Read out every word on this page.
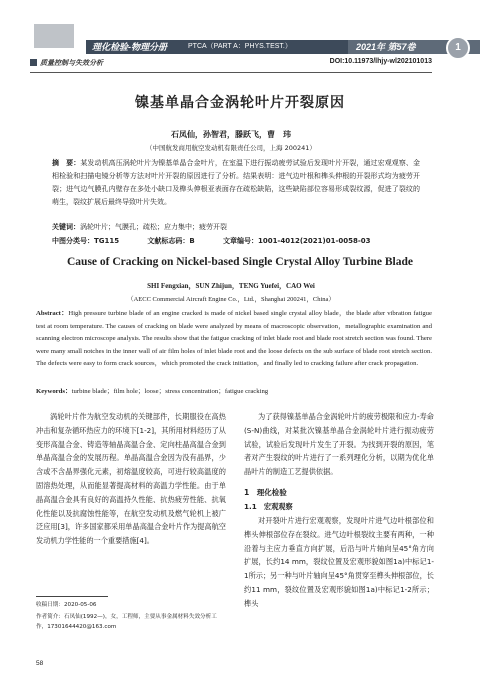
理化检验-物理分册	PTCA（PART A：PHYS.TEST.）	2021年 第57卷	1
质量控制与失效分析	DOI:10.11973/lhjy-wl202101013
镍基单晶合金涡轮叶片开裂原因
石凤仙，孙智君，滕跃飞，曹　玮
（中国航发商用航空发动机有限责任公司，上海 200241）
摘　要：某发动机高压涡轮叶片为镍基单晶合金叶片，在室温下进行振动疲劳试验后发现叶片开裂，通过宏观观察、金相检验和扫描电镜分析等方法对叶片开裂的原因进行了分析。结果表明：进气边叶根和榫头伸根的开裂形式均为疲劳开裂；进气边气膜孔内壁存在多处小缺口及榫头伸根亚表面存在疏松缺陷，这些缺陷部位容易形成裂纹源，促进了裂纹的萌生，裂纹扩展后最终导致叶片失效。
关键词：涡轮叶片；气膜孔；疏松；应力集中；疲劳开裂
中图分类号：TG115	文献标志码：B	文章编号：1001-4012(2021)01-0058-03
Cause of Cracking on Nickel-based Single Crystal Alloy Turbine Blade
SHI Fengxian，SUN Zhijun，TENG Yuefei，CAO Wei
（AECC Commercial Aircraft Engine Co.，Ltd.，Shanghai 200241，China）
Abstract：High pressure turbine blade of an engine cracked is made of nickel based single crystal alloy blade，the blade after vibration fatigue test at room temperature. The causes of cracking on blade were analyzed by means of macroscopic observation，metallographic examination and scanning electron microscope analysis. The results show that the fatigue cracking of inlet blade root and blade root stretch section was found. There were many small notches in the inner wall of air film holes of inlet blade root and the loose defects on the sub surface of blade root stretch section. The defects were easy to form crack sources，which promoted the crack initiation，and finally led to cracking failure after crack propagation.
Keywords：turbine blade；film hole；loose；stress concentration；fatigue cracking

涡轮叶片作为航空发动机的关键部件，长期服役在高热冲击和复杂循环热应力的环境下[1-2]，其所用材料经历了从变形高温合金、铸造等轴晶高温合金、定向柱晶高温合金到单晶高温合金的发展历程。单晶高温合金因为没有晶界，少含或不含晶界强化元素，初熔温度较高，可进行较高温度的固溶热处理，从而能显著提高材料的高温力学性能。由于单晶高温合金具有良好的高温持久性能、抗热疲劳性能、抗氧化性能以及抗腐蚀性能等，在航空发动机及燃气轮机上被广泛应用[3]，许多国家都采用单晶高温合金叶片作为提高航空发动机力学性能的一个重要措施[4]。

为了获得镍基单晶合金涡轮叶片的疲劳极限和应力-寿命(S-N)曲线，对某批次镍基单晶合金涡轮叶片进行振动疲劳试验，试验后发现叶片发生了开裂。为找到开裂的原因，笔者对产生裂纹的叶片进行了一系列理化分析，以期为优化单晶叶片的制造工艺提供依据。

1　理化检验
1.1　宏观观察

对开裂叶片进行宏观观察，发现叶片进气边叶根部位和榫头伸根部位存在裂纹。进气边叶根裂纹主要有两种，一种沿着与主应力垂直方向扩展，后沿与叶片轴向呈45°角方向扩展，长约14 mm，裂纹位置及宏观形貌如图1a)中标记1-1所示；另一种与叶片轴向呈45°角贯穿至榫头伸根部位，长约11 mm，裂纹位置及宏观形貌如图1a)中标记1-2所示；榫头

收稿日期：2020-05-06
作者简介：石凤仙(1992—)，女，工程师，主要从事金属材料失效分析工作，17301644420@163.com
58
